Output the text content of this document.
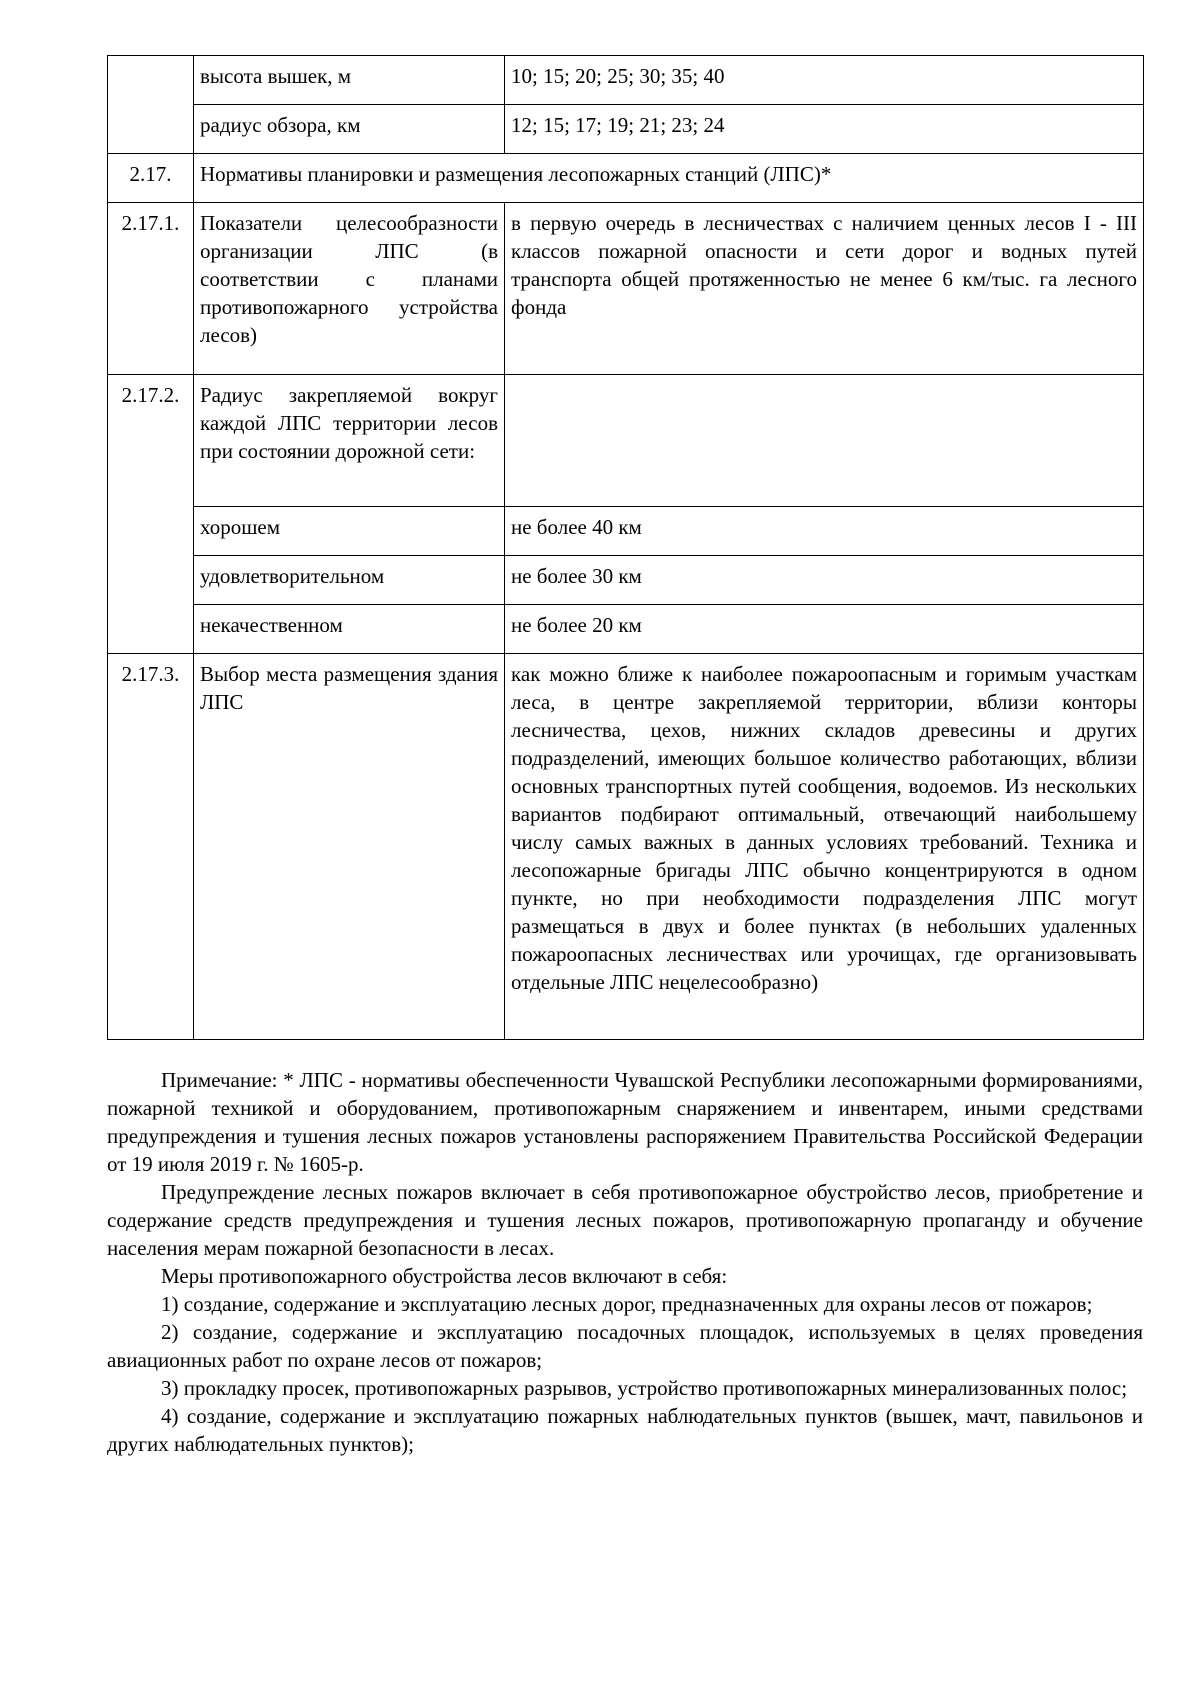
	высота вышек, м	10; 15; 20; 25; 30; 35; 40
	радиус обзора, км	12; 15; 17; 19; 21; 23; 24
2.17.	Нормативы планировки и размещения лесопожарных станций (ЛПС)*	
2.17.1.	Показатели целесообразности организации ЛПС (в соответствии с планами противопожарного устройства лесов)	в первую очередь в лесничествах с наличием ценных лесов I - III классов пожарной опасности и сети дорог и водных путей транспорта общей протяженностью не менее 6 км/тыс. га лесного фонда
2.17.2.	Радиус закрепляемой вокруг каждой ЛПС территории лесов при состоянии дорожной сети:	
	хорошем	не более 40 км
	удовлетворительном	не более 30 км
	некачественном	не более 20 км
2.17.3.	Выбор места размещения здания ЛПС	как можно ближе к наиболее пожароопасным и горимым участкам леса, в центре закрепляемой территории, вблизи конторы лесничества, цехов, нижних складов древесины и других подразделений, имеющих большое количество работающих, вблизи основных транспортных путей сообщения, водоемов. Из нескольких вариантов подбирают оптимальный, отвечающий наибольшему числу самых важных в данных условиях требований. Техника и лесопожарные бригады ЛПС обычно концентрируются в одном пункте, но при необходимости подразделения ЛПС могут размещаться в двух и более пунктах (в небольших удаленных пожароопасных лесничествах или урочищах, где организовывать отдельные ЛПС нецелесообразно)

Примечание: * ЛПС - нормативы обеспеченности Чувашской Республики лесопожарными формированиями, пожарной техникой и оборудованием, противопожарным снаряжением и инвентарем, иными средствами предупреждения и тушения лесных пожаров установлены распоряжением Правительства Российской Федерации от 19 июля 2019 г. № 1605-р.

Предупреждение лесных пожаров включает в себя противопожарное обустройство лесов, приобретение и содержание средств предупреждения и тушения лесных пожаров, противопожарную пропаганду и обучение населения мерам пожарной безопасности в лесах.

Меры противопожарного обустройства лесов включают в себя:

1) создание, содержание и эксплуатацию лесных дорог, предназначенных для охраны лесов от пожаров;

2) создание, содержание и эксплуатацию посадочных площадок, используемых в целях проведения авиационных работ по охране лесов от пожаров;

3) прокладку просек, противопожарных разрывов, устройство противопожарных минерализованных полос;

4) создание, содержание и эксплуатацию пожарных наблюдательных пунктов (вышек, мачт, павильонов и других наблюдательных пунктов);
